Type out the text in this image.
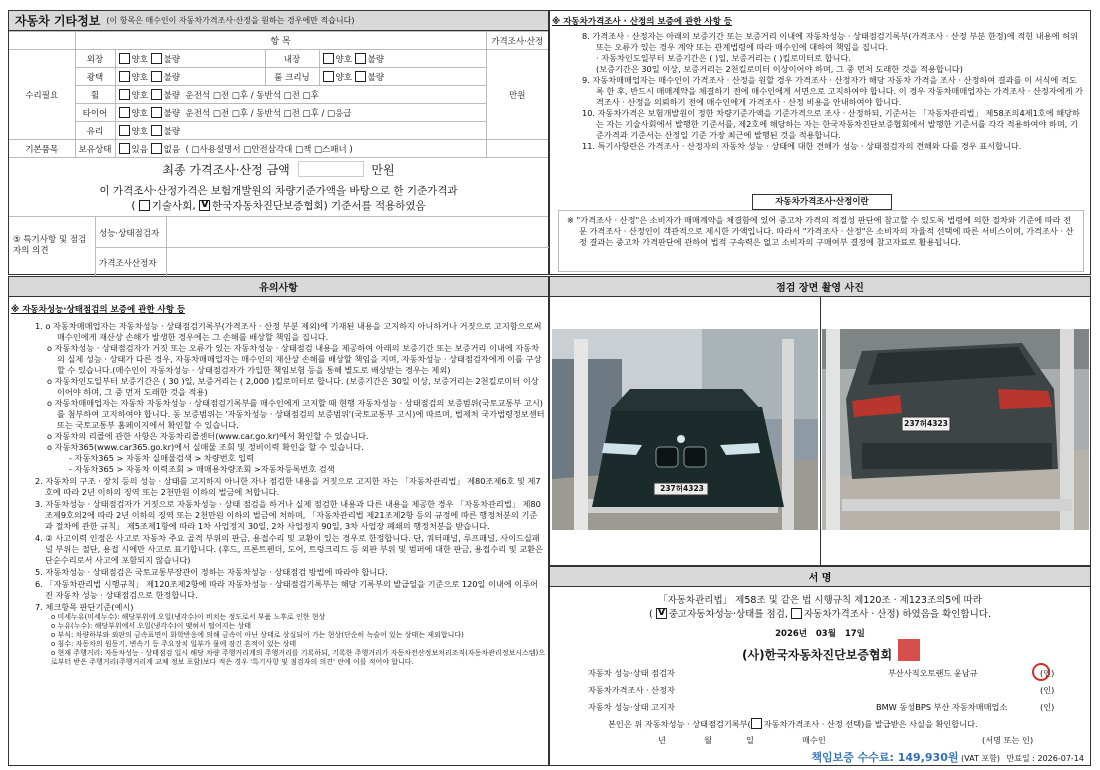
자동차 기타정보 (이 항목은 매수인이 자동차가격조사·산정을 원하는 경우에만 적습니다)
	항 목				가격조사·산정
수리필요	외장	양호 불량	내장	양호 불량	만원
	광택	양호 불량	룸 크리닝	양호 불량	
	휠	양호 불량 운전석 □전 □후 / 동반석 □전 □후			
	타이어	양호 불량 운전석 □전 □후 / 동반석 □전 □후 / □응급			
	유리	양호 불량			
기본품목	보유상태	있음 없음 ( □사용설명서 □안전삼각대 □잭 □스패너 )			
최종 가격조사·산정 금액	만원
이 가격조사·산정가격은 보험개발원의 차량기준가액을 바탕으로 한 기준가격과
( 기술사회, V 한국자동차진단보증협회) 기준서를 적용하였음
⑤ 특기사항 및 점검자의 의견
성능·상태점검자
가격조사산정자
유의사항
※ 자동차성능·상태점검의 보증에 관한 사항 등
1. o 자동차매매업자는 자동차성능 · 상태점검기록부(가격조사 · 산정 부분 제외)에 기재된 내용을 고지하지 아니하거나 거짓으로 고지함으로써 매수인에게 재산상 손해가 발생한 경우에는 그 손해를 배상할 책임을 집니다.
o 자동차성능 · 상태점검자가 거짓 또는 오류가 있는 자동차성능 · 상태점검 내용을 제공하여 아래의 보증기간 또는 보증거리 이내에 자동차의 실제 성능 · 상태가 다른 경우, 자동차매매업자는 매수인의 재산상 손해를 배상할 책임을 지며, 자동차성능 · 상태점검자에게 이를 구상할 수 있습니다.(매수인이 자동차성능 · 상태점검자가 가입한 책임보험 등을 통해 별도로 배상받는 경우는 제외)
o 자동차인도일부터 보증기간은 ( 30 )일, 보증거리는 ( 2,000 )킬로미터로 합니다. (보증기간은 30일 이상, 보증거리는 2천킬로미터 이상이어야 하며, 그 중 먼저 도래한 것을 적용)
o 자동차매매업자는 자동차 자동차성능 · 상태점검기록부를 매수인에게 고지할 때 현행 자동차성능 · 상태점검의 보증범위(국토교통부 고시)를 첨부하여 고지하여야 합니다. 동 보증범위는 '자동차성능 · 상태점검의 보증범위'(국토교통부 고시)에 따르며, 법제처 국가법령정보센터 또는 국토교통부 홈페이지에서 확인할 수 있습니다.
o 자동차의 리콜에 관한 사항은 자동차리콜센터(www.car.go.kr)에서 확인할 수 있습니다.
o 자동차365(www.car365.go.kr)에서 실매물 조회 및 정비이력 확인을 할 수 있습니다.
- 자동차365 > 자동차 실매물검색 > 차량번호 입력
- 자동차365 > 자동차 이력조회 > 매매용차량조회 >자동차등록번호 검색
2. 자동차의 구조 · 장치 등의 성능 · 상태를 고지하지 아니한 자나 점검한 내용을 거짓으로 고지한 자는 「자동차관리법」 제80조제6호 및 제7호에 따라 2년 이하의 징역 또는 2천만원 이하의 벌금에 처합니다.
3. 자동차성능 · 상태점검자가 거짓으로 자동차성능 · 상태 점검을 하거나 실제 점검한 내용과 다른 내용을 제공한 경우 「자동차관리법」 제80조제9호의2에 따라 2년 이하의 징역 또는 2천만원 이하의 벌금에 처하며, 「자동차관리법 제21조제2항 등의 규정에 따른 행정처분의 기준과 절차에 관한 규칙」 제5조제1항에 따라 1차 사업정지 30일, 2차 사업정지 90일, 3차 사업장 폐쇄의 행정처분을 받습니다.
4. ② 사고이력 인정은 사고로 자동차 주요 골격 부위의 판금, 용접수리 및 교환이 있는 경우로 한정합니다. 단, 쿼터패널, 루프패널, 사이드실패널 부위는 절단, 용접 시에만 사고로 표기합니다. (후드, 프론트펜더, 도어, 트렁크리드 등 외판 부위 및 범퍼에 대한 판금, 용접수리 및 교환은 단순수리로서 사고에 포함되지 않습니다)
5. 자동차성능 · 상태점검은 국토교통부장관이 정하는 자동차성능 · 상태점검 방법에 따라야 합니다.
6. 「자동차관리법 시행규칙」 제120조제2항에 따라 자동차성능 · 상태점검기록부는 해당 기록부의 발급일을 기준으로 120일 이내에 이루어진 자동차 성능 · 상태점검으로 한정합니다.
7. 체크항목 판단기준(예시)
o 미세누유(미세누수): 해당부위에 오일(냉각수)이 비치는 정도로서 부품 노후로 인한 현상
o 누유(누수): 해당부위에서 오일(냉각수)이 맺혀서 떨어지는 상태
o 부식: 차량하부와 외판의 금속표면이 화학반응에 의해 금속이 아닌 상태로 상실되어 가는 현상(단순히 녹슬어 있는 상태는 제외합니다)
o 침수: 자동차의 원동기, 변속기 등 주요장치 일부가 물에 잠긴 흔적이 있는 상태
o 현재 주행거리: 자동차성능 · 상태점검 일시 해당 차량 주행거리계의 주행거리를 기록하되, 기록한 주행거리가 자동차전산정보처리조직(자동차관리정보시스템)으로부터 받은 주행거리(주행거리계 교체 정보 포함)보다 적은 경우 '특기사항 및 점검자의 의견' 란에 이를 적어야 합니다.
※ 자동차가격조사 · 산정의 보증에 관한 사항 등
8. 가격조사 · 산정자는 아래의 보증기간 또는 보증거리 이내에 자동차성능 · 상태점검기록부(가격조사 · 산정 부분 한정)에 적힌 내용에 허위 또는 오류가 있는 경우 계약 또는 관계법령에 따라 매수인에 대하여 책임을 집니다.
· 자동차인도일부터 보증기간은 ( )일, 보증거리는 ( )킬로미터로 합니다.
(보증기간은 30일 이상, 보증거리는 2천킬로미터 이상이어야 하며, 그 중 먼저 도래한 것을 적용합니다)
9. 자동차매매업자는 매수인이 가격조사 · 산정을 원할 경우 가격조사 · 산정자가 해당 자동차 가격을 조사 · 산정하여 결과를 이 서식에 적도록 한 후, 반드시 매매계약을 체결하기 전에 매수인에게 서면으로 고지하여야 합니다. 이 경우 자동차매매업자는 가격조사 · 산정자에게 가격조사 · 산정을 의뢰하기 전에 매수인에게 가격조사 · 산정 비용을 안내하여야 합니다.
10. 자동차가격은 보험개발원이 정한 차량기준가액을 기준가격으로 조사 · 산정하되, 기준서는 「자동차관리법」 제58조의4제1호에 해당하는 자는 기술사회에서 발행한 기준서를, 제2호에 해당하는 자는 한국자동차진단보증협회에서 발행한 기준서를 각각 적용하여야 하며, 기준가격과 기준서는 산정일 기준 가장 최근에 발행된 것을 적용합니다.
11. 특기사항란은 가격조사 · 산정자의 자동차 성능 · 상태에 대한 견해가 성능 · 상태점검자의 견해와 다를 경우 표시합니다.
자동차가격조사·산정이란
※ "가격조사 · 산정"은 소비자가 매매계약을 체결함에 있어 중고차 가격의 적절성 판단에 참고할 수 있도록 법령에 의한 절차와 기준에 따라 전문 가격조사 · 산정인이 객관적으로 제시한 가액입니다. 따라서 "가격조사 · 산정"은 소비자의 자율적 선택에 따른 서비스이며, 가격조사 · 산정 결과는 중고차 가격판단에 관하여 법적 구속력은 없고 소비자의 구매여부 결정에 참고자료로 활용됩니다.
점검 장면 촬영 사진
237허4323
237허4323
서 명
「자동차관리법」 제58조 및 같은 법 시행규칙 제120조 · 제123조의5에 따라
( V중고자동차성능·상태를 점검, 자동차가격조사 · 산정) 하였음을 확인합니다.
2026년 03월 17일
(사)한국자동차진단보증협회
자동차 성능·상태 점검자	부산사직오토랜드 윤남규	(인)
자동차가격조사 · 산정자	(인)
자동차 성능·상태 고지자	BMW 동성BPS 부산 자동차매매업소	(인)
본인은 위 자동차성능 · 상태점검기록부( 자동차가격조사 · 산정 선택)를 발급받은 사실을 확인합니다.
년	월	일	매수인	(서명 또는 인)
책임보증 수수료: 149,930원 (VAT 포함) 만료일 : 2026-07-14
